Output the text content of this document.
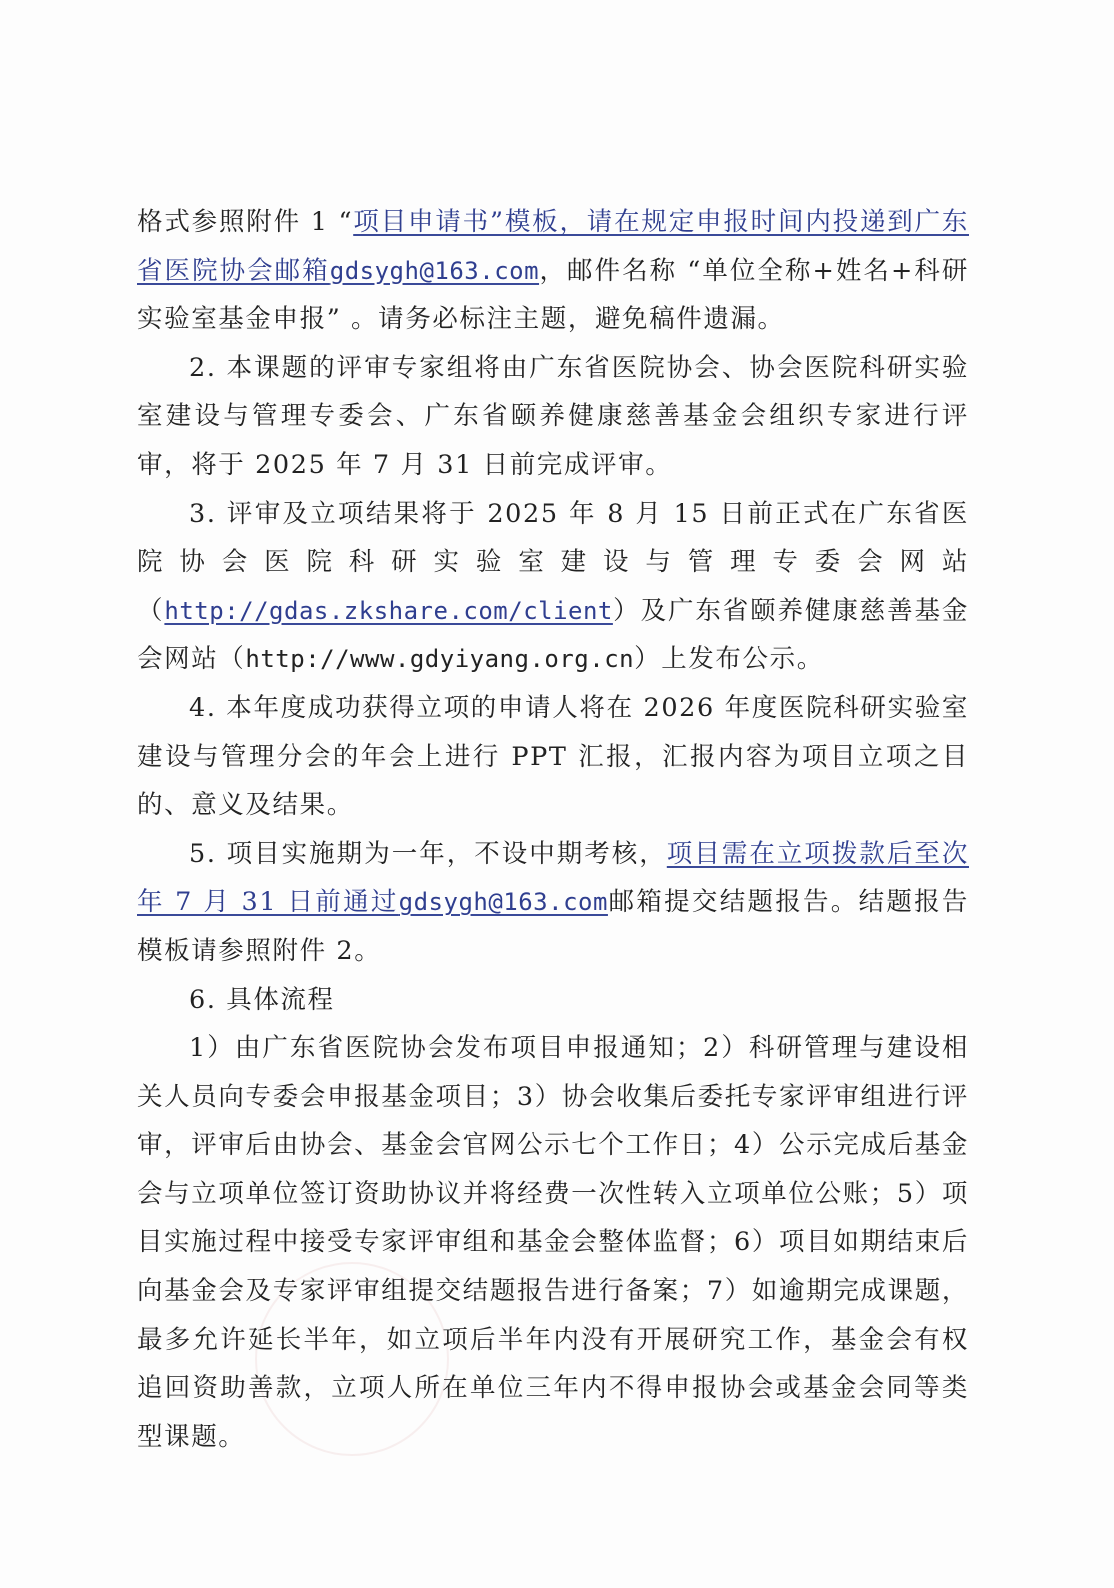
格式参照附件 1 “项目申请书”模板，请在规定申报时间内投递到广东省医院协会邮箱gdsygh@163.com，邮件名称 “单位全称+姓名+科研实验室基金申报” 。请务必标注主题，避免稿件遗漏。

2. 本课题的评审专家组将由广东省医院协会、协会医院科研实验室建设与管理专委会、广东省颐养健康慈善基金会组织专家进行评审，将于 2025 年 7 月 31 日前完成评审。

3. 评审及立项结果将于 2025 年 8 月 15 日前正式在广东省医院协会医院科研实验室建设与管理专委会网站（http://gdas.zkshare.com/client）及广东省颐养健康慈善基金会网站（http://www.gdyiyang.org.cn）上发布公示。

4. 本年度成功获得立项的申请人将在 2026 年度医院科研实验室建设与管理分会的年会上进行 PPT 汇报，汇报内容为项目立项之目的、意义及结果。

5. 项目实施期为一年，不设中期考核，项目需在立项拨款后至次年 7 月 31 日前通过gdsygh@163.com邮箱提交结题报告。结题报告模板请参照附件 2。

6. 具体流程

1）由广东省医院协会发布项目申报通知；2）科研管理与建设相关人员向专委会申报基金项目；3）协会收集后委托专家评审组进行评审，评审后由协会、基金会官网公示七个工作日；4）公示完成后基金会与立项单位签订资助协议并将经费一次性转入立项单位公账；5）项目实施过程中接受专家评审组和基金会整体监督；6）项目如期结束后向基金会及专家评审组提交结题报告进行备案；7）如逾期完成课题，最多允许延长半年，如立项后半年内没有开展研究工作，基金会有权追回资助善款，立项人所在单位三年内不得申报协会或基金会同等类型课题。
